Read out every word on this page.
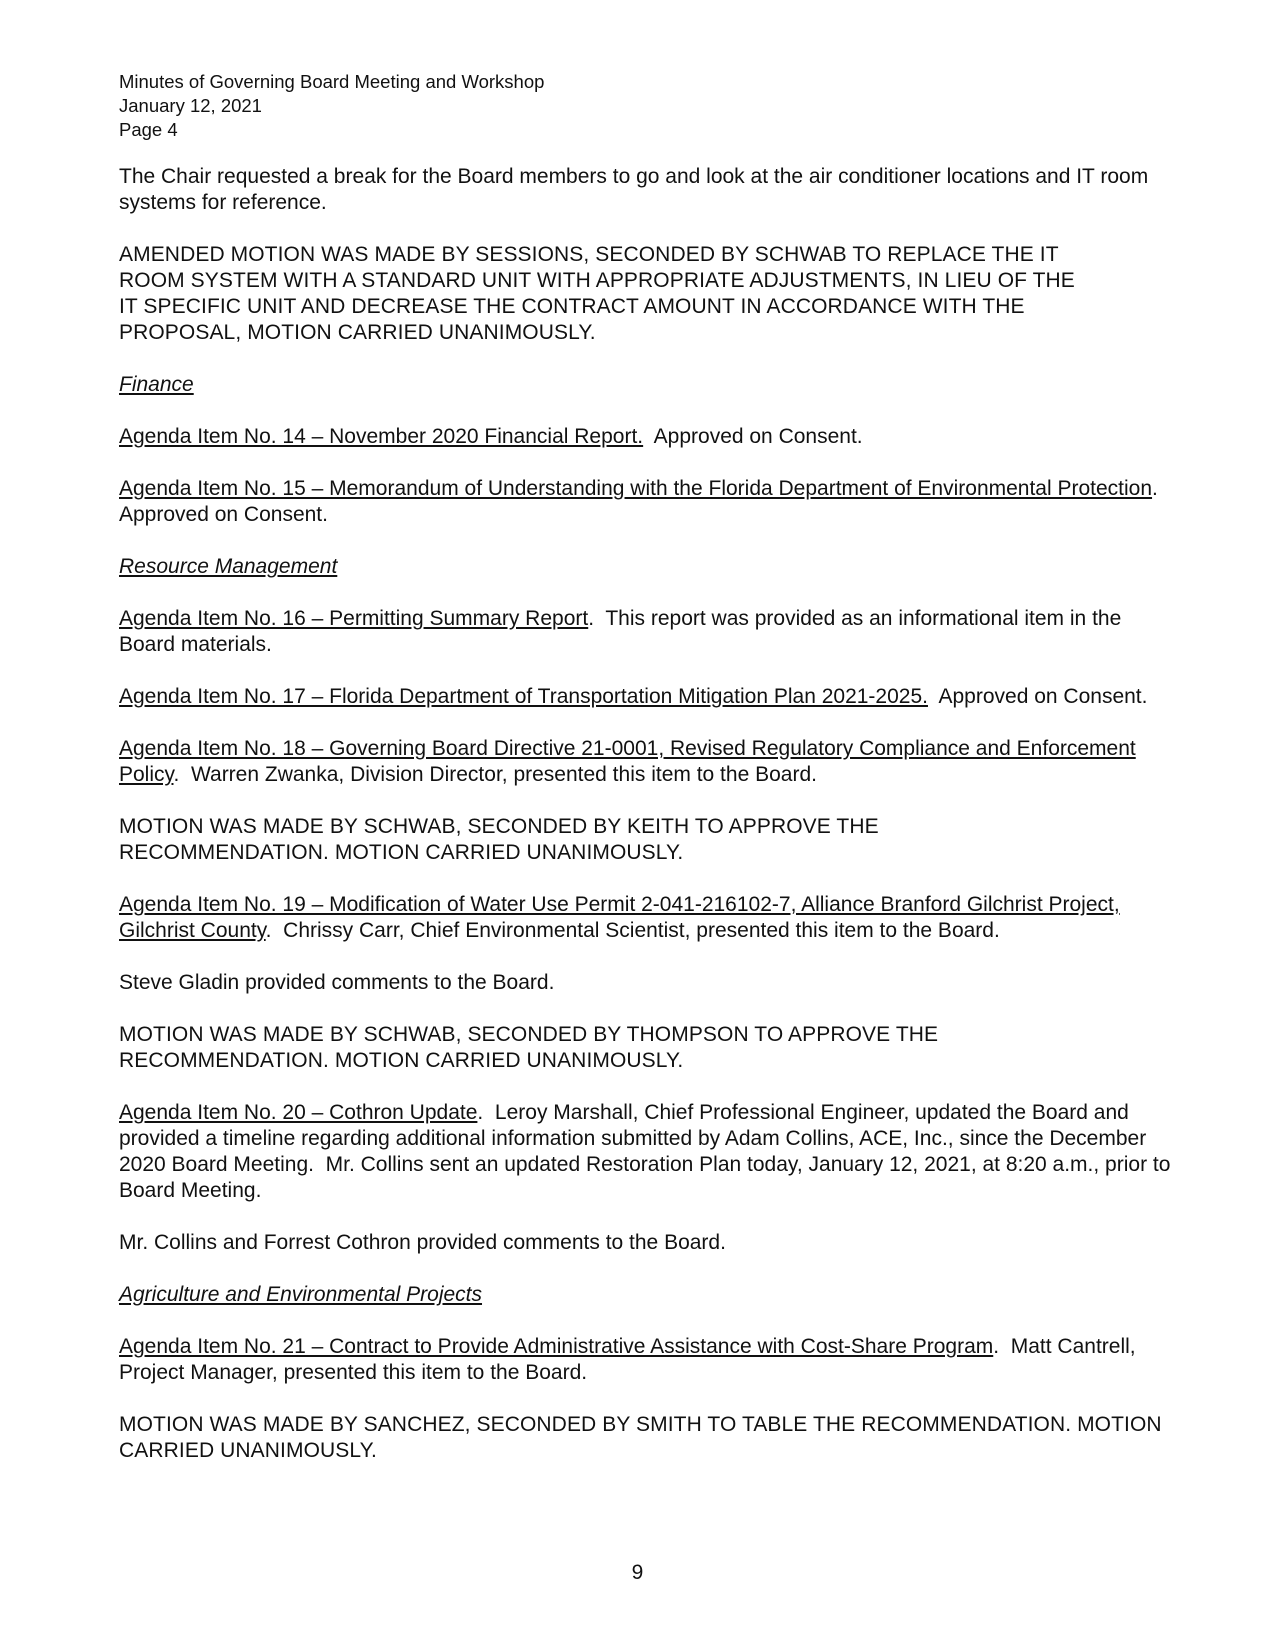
Minutes of Governing Board Meeting and Workshop
January 12, 2021
Page 4

The Chair requested a break for the Board members to go and look at the air conditioner locations and IT room systems for reference.

AMENDED MOTION WAS MADE BY SESSIONS, SECONDED BY SCHWAB TO REPLACE THE IT ROOM SYSTEM WITH A STANDARD UNIT WITH APPROPRIATE ADJUSTMENTS, IN LIEU OF THE IT SPECIFIC UNIT AND DECREASE THE CONTRACT AMOUNT IN ACCORDANCE WITH THE PROPOSAL, MOTION CARRIED UNANIMOUSLY.

Finance

Agenda Item No. 14 – November 2020 Financial Report.  Approved on Consent.

Agenda Item No. 15 – Memorandum of Understanding with the Florida Department of Environmental Protection.  Approved on Consent.

Resource Management

Agenda Item No. 16 – Permitting Summary Report.  This report was provided as an informational item in the Board materials.

Agenda Item No. 17 – Florida Department of Transportation Mitigation Plan 2021-2025.  Approved on Consent.

Agenda Item No. 18 – Governing Board Directive 21-0001, Revised Regulatory Compliance and Enforcement Policy.  Warren Zwanka, Division Director, presented this item to the Board.

MOTION WAS MADE BY SCHWAB, SECONDED BY KEITH TO APPROVE THE RECOMMENDATION. MOTION CARRIED UNANIMOUSLY.

Agenda Item No. 19 – Modification of Water Use Permit 2-041-216102-7, Alliance Branford Gilchrist Project, Gilchrist County.  Chrissy Carr, Chief Environmental Scientist, presented this item to the Board.

Steve Gladin provided comments to the Board.

MOTION WAS MADE BY SCHWAB, SECONDED BY THOMPSON TO APPROVE THE RECOMMENDATION. MOTION CARRIED UNANIMOUSLY.

Agenda Item No. 20 – Cothron Update.  Leroy Marshall, Chief Professional Engineer, updated the Board and provided a timeline regarding additional information submitted by Adam Collins, ACE, Inc., since the December 2020 Board Meeting.  Mr. Collins sent an updated Restoration Plan today, January 12, 2021, at 8:20 a.m., prior to Board Meeting.

Mr. Collins and Forrest Cothron provided comments to the Board.

Agriculture and Environmental Projects

Agenda Item No. 21 – Contract to Provide Administrative Assistance with Cost-Share Program.  Matt Cantrell, Project Manager, presented this item to the Board.

MOTION WAS MADE BY SANCHEZ, SECONDED BY SMITH TO TABLE THE RECOMMENDATION. MOTION CARRIED UNANIMOUSLY.

9
